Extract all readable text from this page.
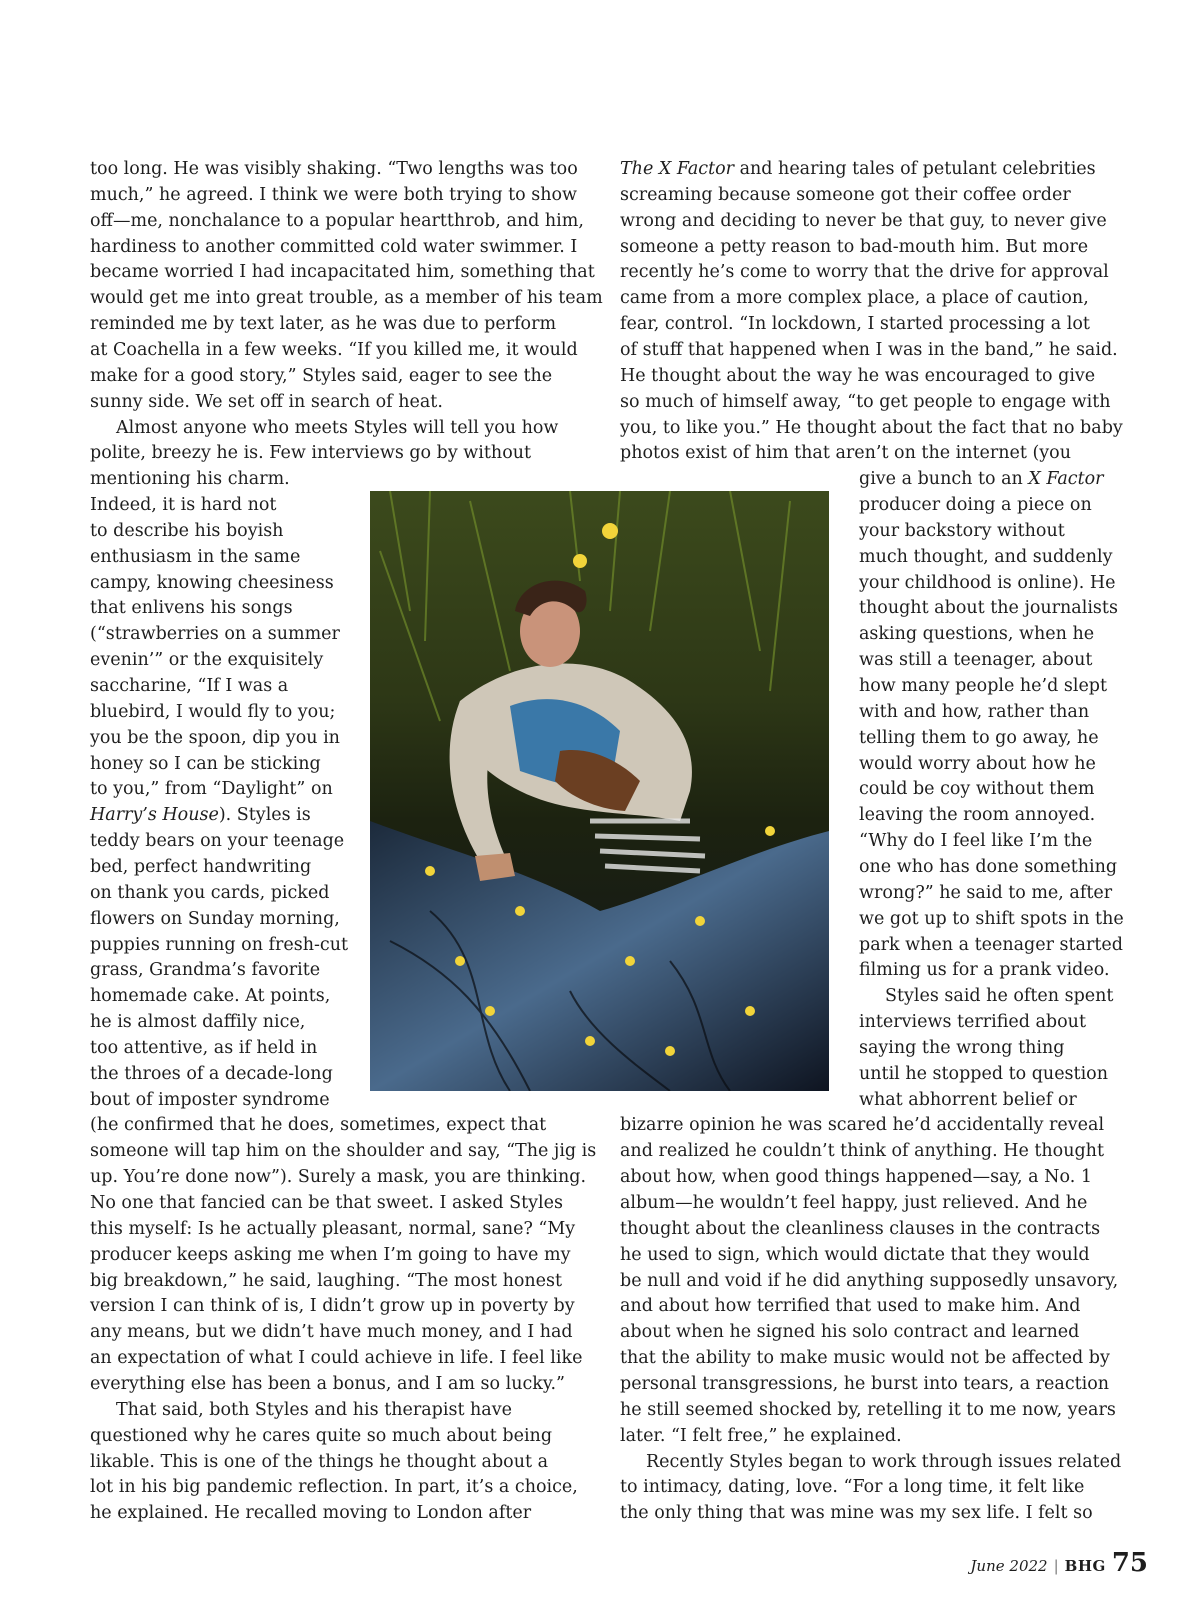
too long. He was visibly shaking. “Two lengths was too

much,” he agreed. I think we were both trying to show

off—me, nonchalance to a popular heartthrob, and him,

hardiness to another committed cold water swimmer. I

became worried I had incapacitated him, something that

would get me into great trouble, as a member of his team

reminded me by text later, as he was due to perform

at Coachella in a few weeks. “If you killed me, it would

make for a good story,” Styles said, eager to see the

sunny side. We set off in search of heat.

Almost anyone who meets Styles will tell you how

polite, breezy he is. Few interviews go by without

mentioning his charm.

Indeed, it is hard not

to describe his boyish

enthusiasm in the same

campy, knowing cheesiness

that enlivens his songs

(“strawberries on a summer

evenin’” or the exquisitely

saccharine, “If I was a

bluebird, I would fly to you;

you be the spoon, dip you in

honey so I can be sticking

to you,” from “Daylight” on

Harry’s House). Styles is

teddy bears on your teenage

bed, perfect handwriting

on thank you cards, picked

flowers on Sunday morning,

puppies running on fresh-cut

grass, Grandma’s favorite

homemade cake. At points,

he is almost daffily nice,

too attentive, as if held in

the throes of a decade-long

bout of imposter syndrome

(he confirmed that he does, sometimes, expect that

someone will tap him on the shoulder and say, “The jig is

up. You’re done now”). Surely a mask, you are thinking.

No one that fancied can be that sweet. I asked Styles

this myself: Is he actually pleasant, normal, sane? “My

producer keeps asking me when I’m going to have my

big breakdown,” he said, laughing. “The most honest

version I can think of is, I didn’t grow up in poverty by

any means, but we didn’t have much money, and I had

an expectation of what I could achieve in life. I feel like

everything else has been a bonus, and I am so lucky.”

That said, both Styles and his therapist have

questioned why he cares quite so much about being

likable. This is one of the things he thought about a

lot in his big pandemic reflection. In part, it’s a choice,

he explained. He recalled moving to London after

The X Factor and hearing tales of petulant celebrities

screaming because someone got their coffee order

wrong and deciding to never be that guy, to never give

someone a petty reason to bad-mouth him. But more

recently he’s come to worry that the drive for approval

came from a more complex place, a place of caution,

fear, control. “In lockdown, I started processing a lot

of stuff that happened when I was in the band,” he said.

He thought about the way he was encouraged to give

so much of himself away, “to get people to engage with

you, to like you.” He thought about the fact that no baby

photos exist of him that aren’t on the internet (you

give a bunch to an X Factor

producer doing a piece on

your backstory without

much thought, and suddenly

your childhood is online). He

thought about the journalists

asking questions, when he

was still a teenager, about

how many people he’d slept

with and how, rather than

telling them to go away, he

would worry about how he

could be coy without them

leaving the room annoyed.

“Why do I feel like I’m the

one who has done something

wrong?” he said to me, after

we got up to shift spots in the

park when a teenager started

filming us for a prank video.

Styles said he often spent

interviews terrified about

saying the wrong thing

until he stopped to question

what abhorrent belief or

bizarre opinion he was scared he’d accidentally reveal

and realized he couldn’t think of anything. He thought

about how, when good things happened—say, a No. 1

album—he wouldn’t feel happy, just relieved. And he

thought about the cleanliness clauses in the contracts

he used to sign, which would dictate that they would

be null and void if he did anything supposedly unsavory,

and about how terrified that used to make him. And

about when he signed his solo contract and learned

that the ability to make music would not be affected by

personal transgressions, he burst into tears, a reaction

he still seemed shocked by, retelling it to me now, years

later. “I felt free,” he explained.

Recently Styles began to work through issues related

to intimacy, dating, love. “For a long time, it felt like

the only thing that was mine was my sex life. I felt so

June 2022 | BHG 75
